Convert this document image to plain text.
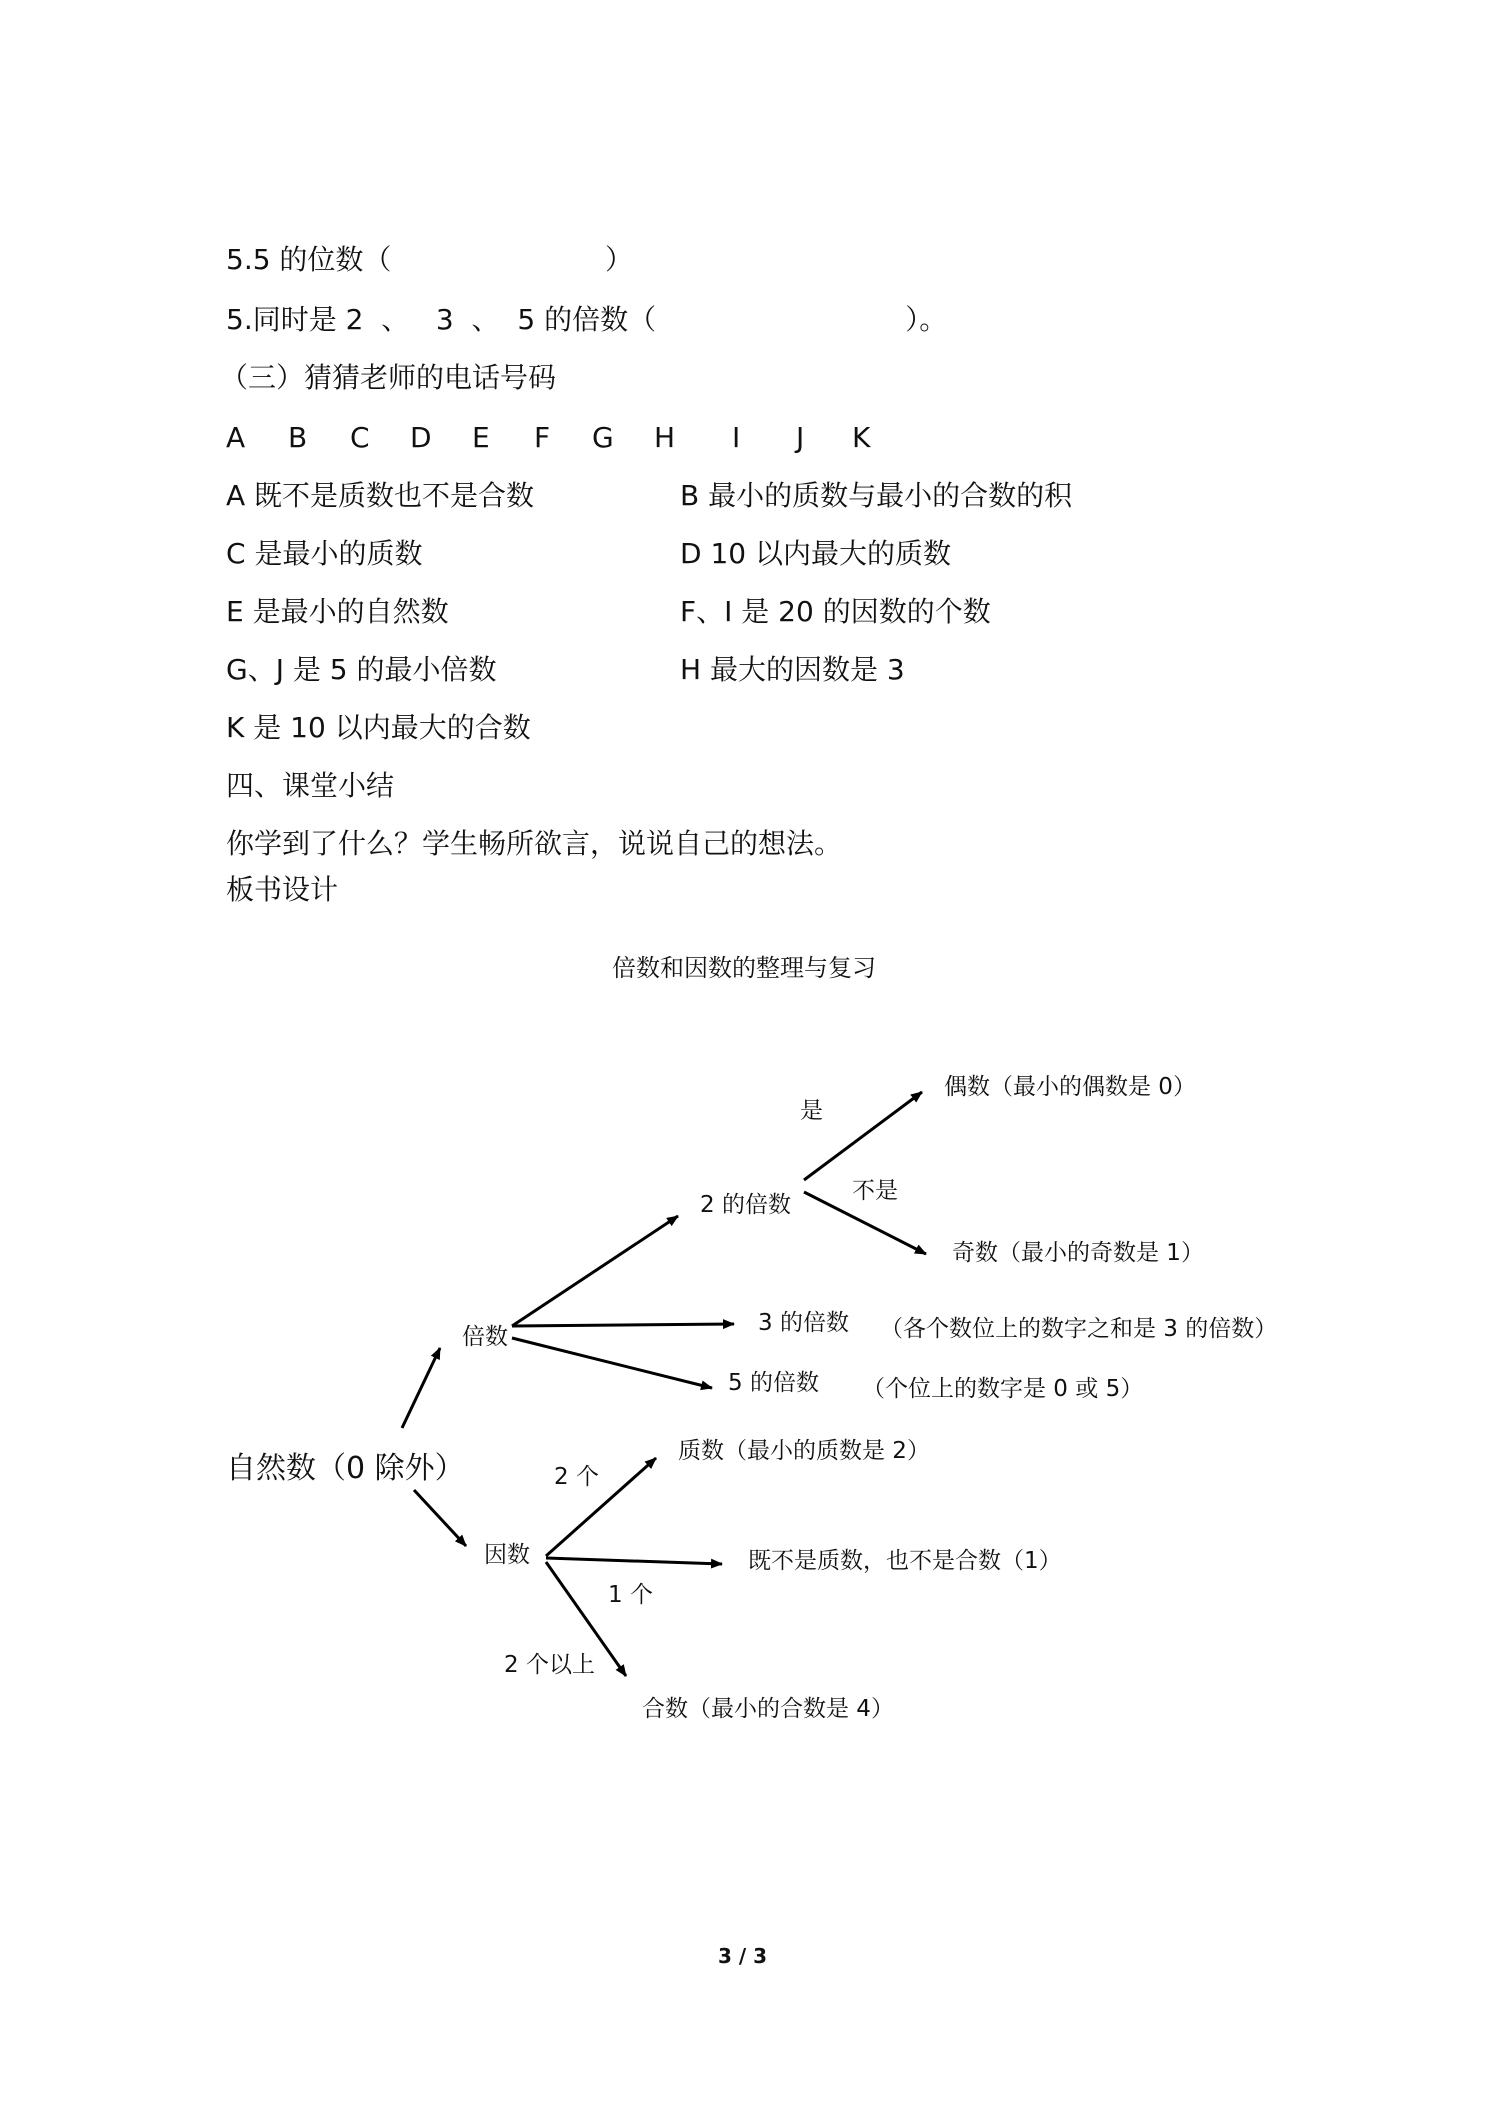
5.5 的位数（                        ）
5.同时是 2  、   3  、  5 的倍数（                            ）。
（三）猜猜老师的电话号码
A B C D E F G H I J K
A 既不是质数也不是合数	B 最小的质数与最小的合数的积
C 是最小的质数	D 10 以内最大的质数
E 是最小的自然数	F、I 是 20 的因数的个数
G、J 是 5 的最小倍数	H 最大的因数是 3
K 是 10 以内最大的合数
四、课堂小结
你学到了什么？学生畅所欲言，说说自己的想法。
板书设计
倍数和因数的整理与复习
自然数（0 除外）
倍数
因数
2 的倍数
是
不是
偶数（最小的偶数是 0）
奇数（最小的奇数是 1）
3 的倍数 （各个数位上的数字之和是 3 的倍数）
5 的倍数 （个位上的数字是 0 或 5）
2 个
质数（最小的质数是 2）
1 个
既不是质数，也不是合数（1）
2 个以上
合数（最小的合数是 4）
3 / 3
